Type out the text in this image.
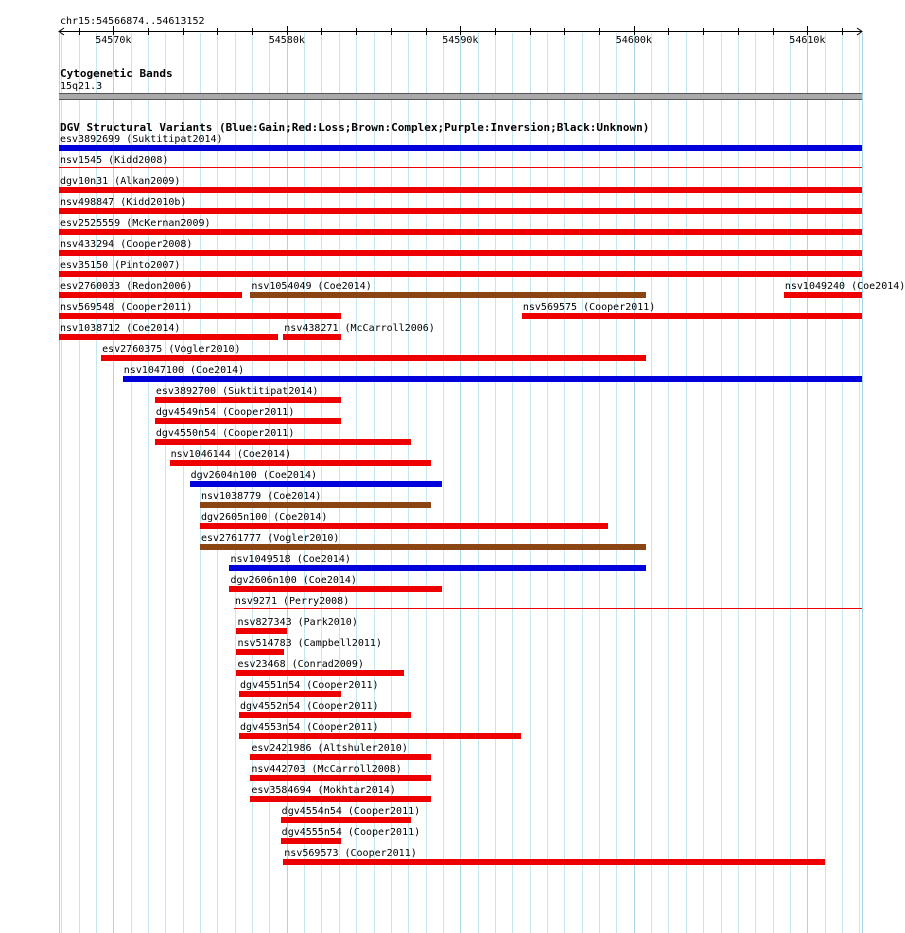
chr15:54566874..54613152
54570k	54580k	54590k	54600k	54610k
Cytogenetic Bands
15q21.3
DGV Structural Variants (Blue:Gain;Red:Loss;Brown:Complex;Purple:Inversion;Black:Unknown)
esv3892699 (Suktitipat2014)
nsv1545 (Kidd2008)
dgv10n31 (Alkan2009)
nsv498847 (Kidd2010b)
esv2525559 (McKernan2009)
nsv433294 (Cooper2008)
esv35150 (Pinto2007)
esv2760033 (Redon2006)	nsv1054049 (Coe2014)	nsv1049240 (Coe2014)
nsv569548 (Cooper2011)	nsv569575 (Cooper2011)
nsv1038712 (Coe2014)	nsv438271 (McCarroll2006)
esv2760375 (Vogler2010)
nsv1047100 (Coe2014)
esv3892700 (Suktitipat2014)
dgv4549n54 (Cooper2011)
dgv4550n54 (Cooper2011)
nsv1046144 (Coe2014)
dgv2604n100 (Coe2014)
nsv1038779 (Coe2014)
dgv2605n100 (Coe2014)
esv2761777 (Vogler2010)
nsv1049518 (Coe2014)
dgv2606n100 (Coe2014)
nsv9271 (Perry2008)
nsv827343 (Park2010)
nsv514783 (Campbell2011)
esv23468 (Conrad2009)
dgv4551n54 (Cooper2011)
dgv4552n54 (Cooper2011)
dgv4553n54 (Cooper2011)
esv2421986 (Altshuler2010)
nsv442703 (McCarroll2008)
esv3584694 (Mokhtar2014)
dgv4554n54 (Cooper2011)
dgv4555n54 (Cooper2011)
nsv569573 (Cooper2011)
